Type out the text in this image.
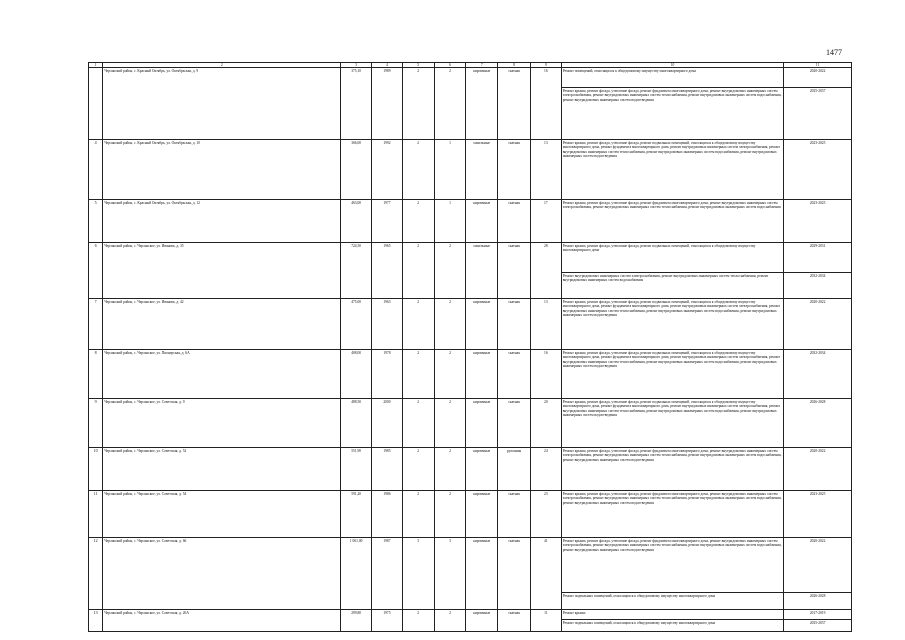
1477
1	2	3	4	5	6	7	8	9	10	11
	Черлакский район, с. Красный Октябрь, ул. Октябрьская, д. 9	375,10	1989	2	2	кирпичные	скатная	16	Ремонт помещений, относящихся к общедомовому имуществу многоквартирного дома	2020-2022
									Ремонт крыши, ремонт фасада, утепление фасада, ремонт фундамента многоквартирного дома, ремонт внутридомовых инженерных систем электроснабжения, ремонт внутридомовых инженерных систем теплоснабжения, ремонт внутридомовых инженерных систем водоснабжения, ремонт внутридомовых инженерных систем водоотведения	2035-2037
4	Черлакский район, с. Красный Октябрь, ул. Октябрьская, д. 10	366,00	1992	2	1	панельные	скатная	13	Ремонт крыши, ремонт фасада, утепление фасада, ремонт подвальных помещений, относящихся к общедомовому имуществу многоквартирного дома, ремонт фундамента многоквартирного дома, ремонт внутридомовых инженерных систем электроснабжения, ремонт внутридомовых инженерных систем теплоснабжения, ремонт внутридомовых инженерных систем водоснабжения, ремонт внутридомовых инженерных систем водоотведения	2023-2025
5	Черлакский район, с. Красный Октябрь, ул. Октябрьская, д. 12	463,00	1977	2	1	кирпичные	скатная	17	Ремонт крыши, ремонт фасада, утепление фасада, ремонт фундамента многоквартирного дома, ремонт внутридомовых инженерных систем электроснабжения, ремонт внутридомовых инженерных систем теплоснабжения, ремонт внутридомовых инженерных систем водоснабжения	2023-2025
6	Черлакский район, с. Черлакское, ул. Иванова, д. 35	724,50	1965	2	2	панельные	скатная	28	Ремонт крыши, ремонт фасада, утепление фасада, ремонт подвальных помещений, относящихся к общедомовому имуществу многоквартирного дома	2029-2031
									Ремонт внутридомовых инженерных систем электроснабжения, ремонт внутридомовых инженерных систем теплоснабжения, ремонт внутридомовых инженерных систем водоснабжения	2032-2034
7	Черлакский район, с. Черлакское, ул. Иванова, д. 42	475,00	1963	2	2	кирпичные	скатная	13	Ремонт крыши, ремонт фасада, утепление фасада, ремонт подвальных помещений, относящихся к общедомовому имуществу многоквартирного дома, ремонт фундамента многоквартирного дома, ремонт внутридомовых инженерных систем электроснабжения, ремонт внутридомовых инженерных систем теплоснабжения, ремонт внутридомовых инженерных систем водоснабжения, ремонт внутридомовых инженерных систем водоотведения	2020-2022
8	Черлакский район, с. Черлакское, ул. Пионерская, д. 6А	408,00	1978	2	2	кирпичные	скатная	16	Ремонт крыши, ремонт фасада, утепление фасада, ремонт подвальных помещений, относящихся к общедомовому имуществу многоквартирного дома, ремонт фундамента многоквартирного дома, ремонт внутридомовых инженерных систем электроснабжения, ремонт внутридомовых инженерных систем теплоснабжения, ремонт внутридомовых инженерных систем водоснабжения, ремонт внутридомовых инженерных систем водоотведения	2032-2034
9	Черлакский район, с. Черлакское, ул. Советская, д. 9	488,50	2000	2	2	кирпичные	скатная	20	Ремонт крыши, ремонт фасада, утепление фасада, ремонт подвальных помещений, относящихся к общедомовому имуществу многоквартирного дома, ремонт фундамента многоквартирного дома, ремонт внутридомовых инженерных систем электроснабжения, ремонт внутридомовых инженерных систем теплоснабжения, ремонт внутридомовых инженерных систем водоснабжения, ремонт внутридомовых инженерных систем водоотведения	2026-2028
10	Черлакский район, с. Черлакское, ул. Советская, д. 52	551,90	1985	2	2	кирпичные	рулонная	24	Ремонт крыши, ремонт фасада, утепление фасада, ремонт фундамента многоквартирного дома, ремонт внутридомовых инженерных систем электроснабжения, ремонт внутридомовых инженерных систем теплоснабжения, ремонт внутридомовых инженерных систем водоснабжения, ремонт внутридомовых инженерных систем водоотведения	2020-2022
11	Черлакский район, с. Черлакское, ул. Советская, д. 54	591,20	1986	2	2	кирпичные	скатная	23	Ремонт крыши, ремонт фасада, утепление фасада, ремонт фундамента многоквартирного дома, ремонт внутридомовых инженерных систем электроснабжения, ремонт внутридомовых инженерных систем теплоснабжения, ремонт внутридомовых инженерных систем водоснабжения, ремонт внутридомовых инженерных систем водоотведения	2023-2025
12	Черлакский район, с. Черлакское, ул. Советская, д. 66	1 061,00	1987	3	3	кирпичные	скатная	41	Ремонт крыши, ремонт фасада, утепление фасада, ремонт фундамента многоквартирного дома, ремонт внутридомовых инженерных систем электроснабжения, ремонт внутридомовых инженерных систем теплоснабжения, ремонт внутридомовых инженерных систем водоснабжения, ремонт внутридомовых инженерных систем водоотведения	2020-2022
									Ремонт подвальных помещений, относящихся к общедомовому имуществу многоквартирного дома	2026-2028
13	Черлакский район, с. Черлакское, ул. Советская, д. 26А	299,80	1975	2	2	кирпичные	скатная	11	Ремонт крыши	2017-2019
									Ремонт подвальных помещений, относящихся к общедомовому имуществу многоквартирного дома	2035-2037
